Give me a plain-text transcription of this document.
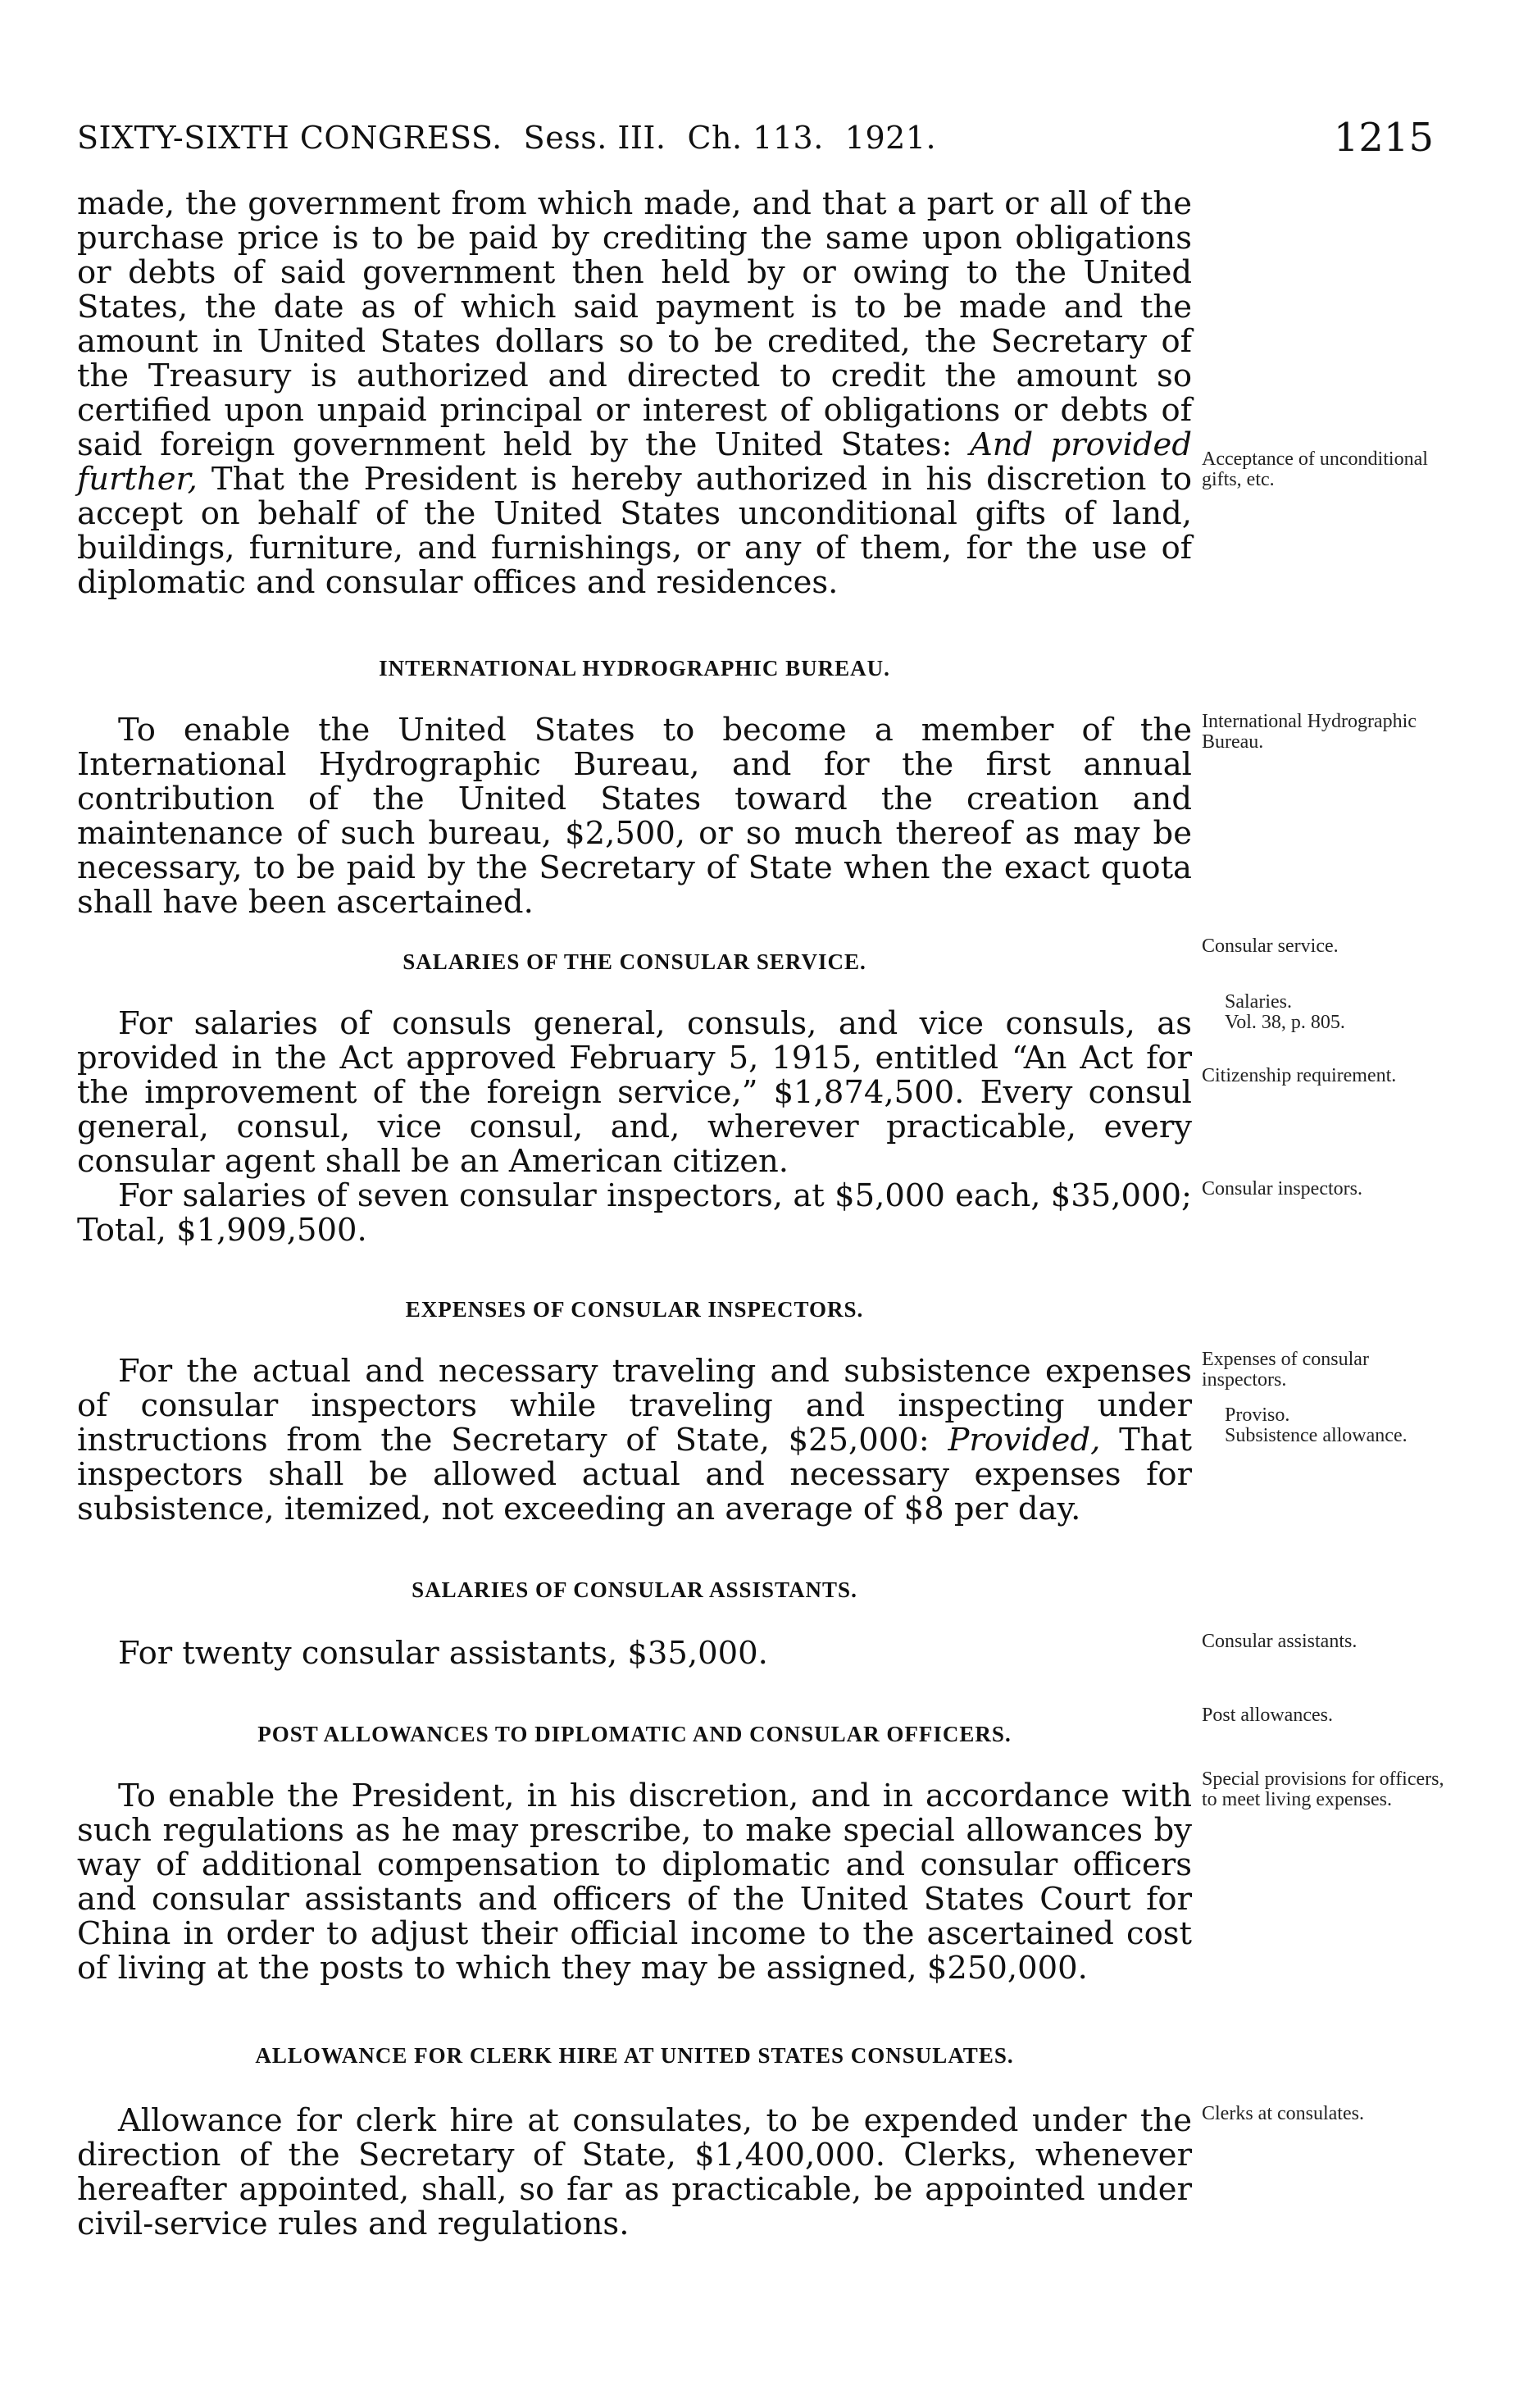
SIXTY-SIXTH CONGRESS. Sess. III. Ch. 113. 1921.	1215

made, the government from which made, and that a part or all of the purchase price is to be paid by crediting the same upon obligations or debts of said government then held by or owing to the United States, the date as of which said payment is to be made and the amount in United States dollars so to be credited, the Secretary of the Treasury is authorized and directed to credit the amount so certified upon unpaid principal or interest of obligations or debts of said foreign government held by the United States: And provided further, That the President is hereby authorized in his discretion to accept on behalf of the United States unconditional gifts of land, buildings, furniture, and furnishings, or any of them, for the use of diplomatic and consular offices and residences.

Acceptance of unconditional gifts, etc.
INTERNATIONAL HYDROGRAPHIC BUREAU.

To enable the United States to become a member of the International Hydrographic Bureau, and for the first annual contribution of the United States toward the creation and maintenance of such bureau, $2,500, or so much thereof as may be necessary, to be paid by the Secretary of State when the exact quota shall have been ascertained.

International Hydrographic Bureau.
SALARIES OF THE CONSULAR SERVICE.
Consular service.

For salaries of consuls general, consuls, and vice consuls, as provided in the Act approved February 5, 1915, entitled “An Act for the improvement of the foreign service,” $1,874,500. Every consul general, consul, vice consul, and, wherever practicable, every consular agent shall be an American citizen.

For salaries of seven consular inspectors, at $5,000 each, $35,000; Total, $1,909,500.

Salaries.
Vol. 38, p. 805.
Citizenship requirement.
Consular inspectors.
EXPENSES OF CONSULAR INSPECTORS.

For the actual and necessary traveling and subsistence expenses of consular inspectors while traveling and inspecting under instructions from the Secretary of State, $25,000: Provided, That inspectors shall be allowed actual and necessary expenses for subsistence, itemized, not exceeding an average of $8 per day.

Expenses of consular inspectors.
Proviso.
Subsistence allowance.
SALARIES OF CONSULAR ASSISTANTS.

For twenty consular assistants, $35,000.	Consular assistants.
POST ALLOWANCES TO DIPLOMATIC AND CONSULAR OFFICERS.
Post allowances.

To enable the President, in his discretion, and in accordance with such regulations as he may prescribe, to make special allowances by way of additional compensation to diplomatic and consular officers and consular assistants and officers of the United States Court for China in order to adjust their official income to the ascertained cost of living at the posts to which they may be assigned, $250,000.

Special provisions for officers, to meet living expenses.
ALLOWANCE FOR CLERK HIRE AT UNITED STATES CONSULATES.

Allowance for clerk hire at consulates, to be expended under the direction of the Secretary of State, $1,400,000. Clerks, whenever hereafter appointed, shall, so far as practicable, be appointed under civil-service rules and regulations.

Clerks at consulates.
